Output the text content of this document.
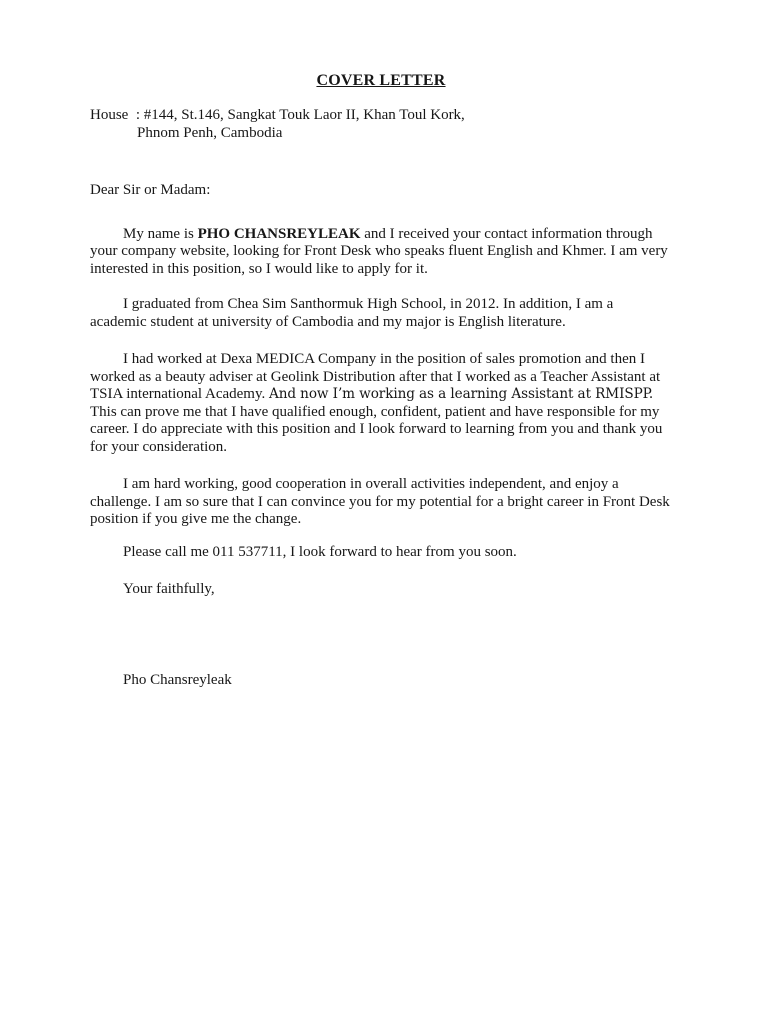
COVER LETTER
House  : #144, St.146, Sangkat Touk Laor II, Khan Toul Kork,
Phnom Penh, Cambodia

Dear Sir or Madam:

My name is PHO CHANSREYLEAK and I received your contact information through your company website, looking for Front Desk who speaks fluent English and Khmer. I am very interested in this position, so I would like to apply for it.

I graduated from Chea Sim Santhormuk High School, in 2012. In addition, I am a academic student at university of Cambodia and my major is English literature.

I had worked at Dexa MEDICA Company in the position of sales promotion and then I worked as a beauty adviser at Geolink Distribution after that I worked as a Teacher Assistant at TSIA international Academy. And now I’m working as a learning Assistant at RMISPP. This can prove me that I have qualified enough, confident, patient and have responsible for my career. I do appreciate with this position and I look forward to learning from you and thank you for your consideration.

I am hard working, good cooperation in overall activities independent, and enjoy a challenge. I am so sure that I can convince you for my potential for a bright career in Front Desk position if you give me the change.

Please call me 011 537711, I look forward to hear from you soon.

Your faithfully,

Pho Chansreyleak
